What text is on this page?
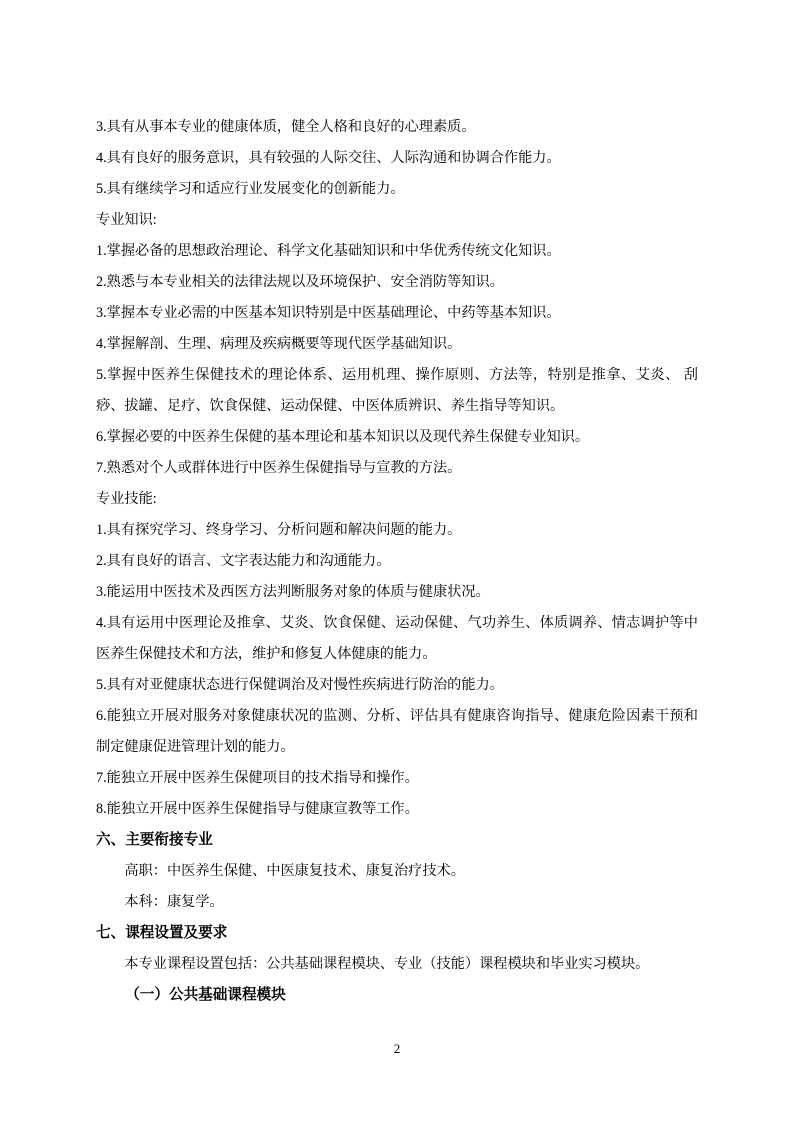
3.具有从事本专业的健康体质，健全人格和良好的心理素质。

4.具有良好的服务意识，具有较强的人际交往、人际沟通和协调合作能力。

5.具有继续学习和适应行业发展变化的创新能力。

专业知识:

1.掌握必备的思想政治理论、科学文化基础知识和中华优秀传统文化知识。

2.熟悉与本专业相关的法律法规以及环境保护、安全消防等知识。

3.掌握本专业必需的中医基本知识特别是中医基础理论、中药等基本知识。

4.掌握解剖、生理、病理及疾病概要等现代医学基础知识。

5.掌握中医养生保健技术的理论体系、运用机理、操作原则、方法等，特别是推拿、艾炎、 刮痧、拔罐、足疗、饮食保健、运动保健、中医体质辨识、养生指导等知识。

6.掌握必要的中医养生保健的基本理论和基本知识以及现代养生保健专业知识。

7.熟悉对个人或群体进行中医养生保健指导与宣教的方法。

专业技能:

1.具有探究学习、终身学习、分析问题和解决问题的能力。

2.具有良好的语言、文字表达能力和沟通能力。

3.能运用中医技术及西医方法判断服务对象的体质与健康状况。

4.具有运用中医理论及推拿、艾炎、饮食保健、运动保健、气功养生、体质调养、情志调护等中医养生保健技术和方法，维护和修复人体健康的能力。

5.具有对亚健康状态进行保健调治及对慢性疾病进行防治的能力。

6.能独立开展对服务对象健康状况的监测、分析、评估具有健康咨询指导、健康危险因素干预和制定健康促进管理计划的能力。

7.能独立开展中医养生保健项目的技术指导和操作。

8.能独立开展中医养生保健指导与健康宣教等工作。

六、主要衔接专业

高职：中医养生保健、中医康复技术、康复治疗技术。

本科：康复学。

七、课程设置及要求

本专业课程设置包括：公共基础课程模块、专业（技能）课程模块和毕业实习模块。

（一）公共基础课程模块

2
